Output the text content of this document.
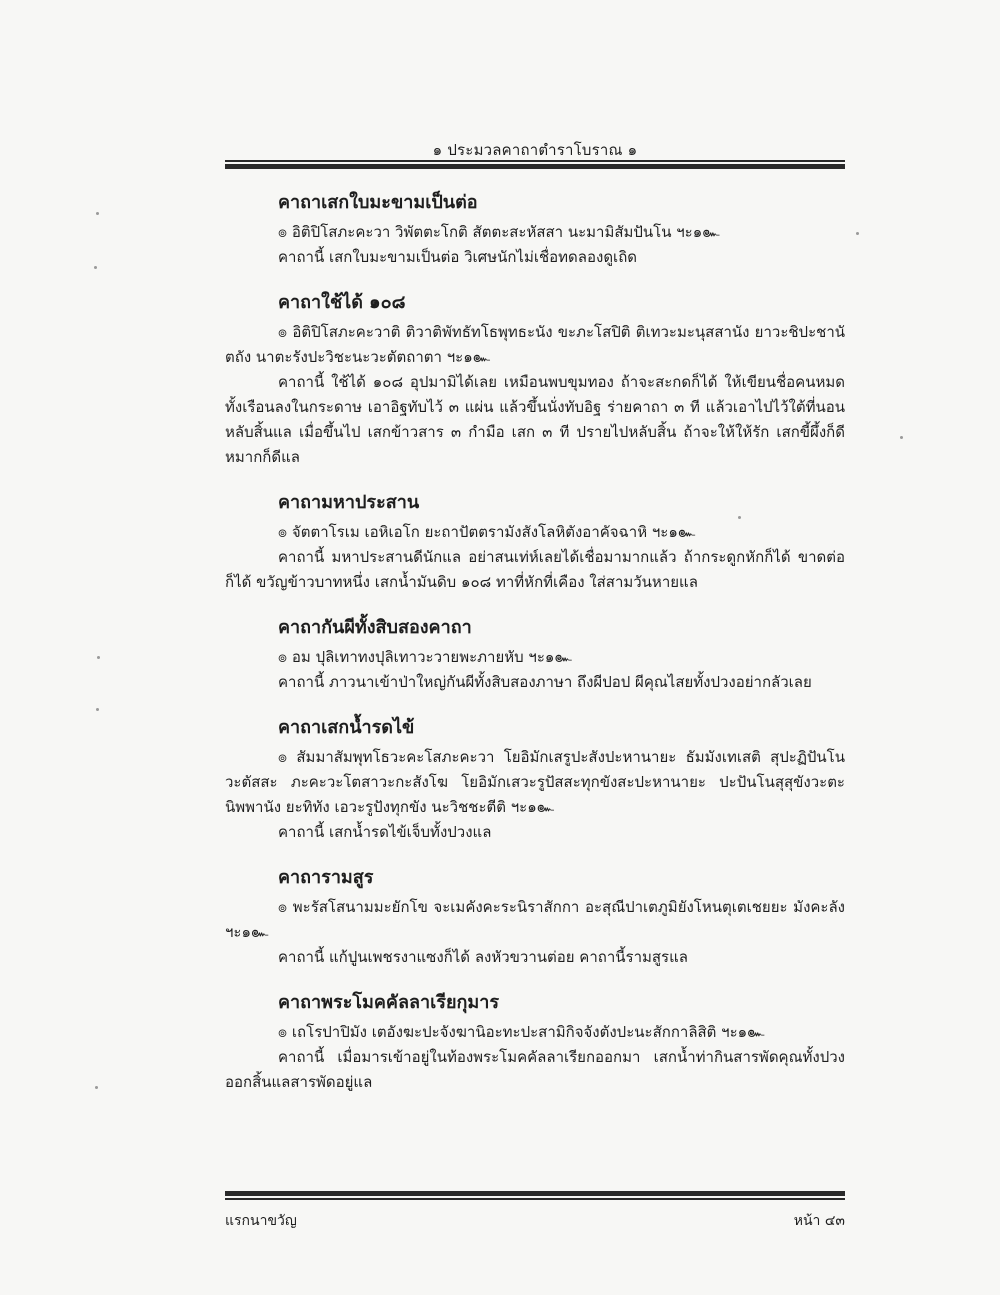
๑ ประมวลคาถาตำราโบราณ ๑
คาถาเสกใบมะขามเป็นต่อ

๏ อิติปิโสภะคะวา วิพัตตะโกติ สัตตะสะหัสสา นะมามิสัมปันโน ฯะ๑๛

คาถานี้ เสกใบมะขามเป็นต่อ วิเศษนักไม่เชื่อทดลองดูเถิด

คาถาใช้ได้ ๑๐๘

๏ อิติปิโสภะคะวาติ ติวาติพัทธัทโธพุทธะนัง ขะภะโสปิติ ติเทวะมะนุสสานัง ยาวะชิปะชานัตถัง นาตะรังปะวิชะนะวะตัตถาตา ฯะ๑๛

คาถานี้ ใช้ได้ ๑๐๘ อุปมามิได้เลย เหมือนพบขุมทอง ถ้าจะสะกดก็ได้ ให้เขียนชื่อคนหมดทั้งเรือนลงในกระดาษ เอาอิฐทับไว้ ๓ แผ่น แล้วขึ้นนั่งทับอิฐ ร่ายคาถา ๓ ที แล้วเอาไปไว้ใต้ที่นอน หลับสิ้นแล เมื่อขึ้นไป เสกข้าวสาร ๓ กำมือ เสก ๓ ที ปรายไปหลับสิ้น ถ้าจะให้ให้รัก เสกขี้ผึ้งก็ดี หมากก็ดีแล

คาถามหาประสาน

๏ จัตตาโรเม เอหิเอโก ยะถาปัตตรามังสังโลหิตังอาคัจฉาหิ ฯะ๑๛

คาถานี้ มหาประสานดีนักแล อย่าสนเท่ห์เลยได้เชื่อมามากแล้ว ถ้ากระดูกหักก็ได้ ขาดต่อก็ได้ ขวัญข้าวบาทหนึ่ง เสกน้ำมันดิบ ๑๐๘ ทาที่หักที่เคือง ใส่สามวันหายแล

คาถากันผีทั้งสิบสองคาถา

๏ อม ปุลิเทาทงปุลิเทาวะวายพะภายหับ ฯะ๑๛

คาถานี้ ภาวนาเข้าป่าใหญ่กันผีทั้งสิบสองภาษา ถึงผีปอป ผีคุณไสยทั้งปวงอย่ากลัวเลย

คาถาเสกน้ำรดไข้

๏ สัมมาสัมพุทโธวะคะโสภะคะวา โยอิมักเสรูปะสังปะหานายะ ธัมมังเทเสติ สุปะฏิปันโน วะตัสสะ ภะคะวะโตสาวะกะสังโฆ โยอิมักเสวะรูปัสสะทุกขังสะปะหานายะ ปะปันโนสุสุขังวะตะ นิพพานัง ยะทิทัง เอวะรูปังทุกขัง นะวิชชะตีติ ฯะ๑๛

คาถานี้ เสกน้ำรดไข้เจ็บทั้งปวงแล

คาถารามสูร

๏ พะรัสโสนามมะยักโข จะเมคังคะระนิราสักกา อะสุณีปาเตภูมิยังโหนตุเตเชยยะ มังคะลัง ฯะ๑๛

คาถานี้ แก้ปูนเพชรงาแซงก็ได้ ลงหัวขวานต่อย คาถานี้รามสูรแล

คาถาพระโมคคัลลาเรียกุมาร

๏ เถโรปาปิมัง เตอังฆะปะจังฆานิอะทะปะสามิกิจจังตังปะนะสักกาลิสิติ ฯะ๑๛

คาถานี้ เมื่อมารเข้าอยู่ในท้องพระโมคคัลลาเรียกออกมา เสกน้ำท่ากินสารพัดคุณทั้งปวง ออกสิ้นแลสารพัดอยู่แล

แรกนาขวัญ	หน้า ๔๓
